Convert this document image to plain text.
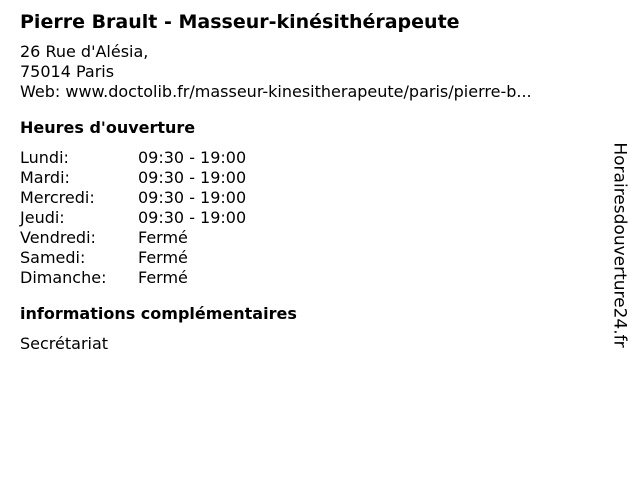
Pierre Brault - Masseur-kinésithérapeute
26 Rue d'Alésia,
75014 Paris
Web: www.doctolib.fr/masseur-kinesitherapeute/paris/pierre-b...
Heures d'ouverture
Lundi:	09:30 - 19:00
Mardi:	09:30 - 19:00
Mercredi:	09:30 - 19:00
Jeudi:	09:30 - 19:00
Vendredi:	Fermé
Samedi:	Fermé
Dimanche:	Fermé
informations complémentaires
Secrétariat	Horairesdouverture24.fr
